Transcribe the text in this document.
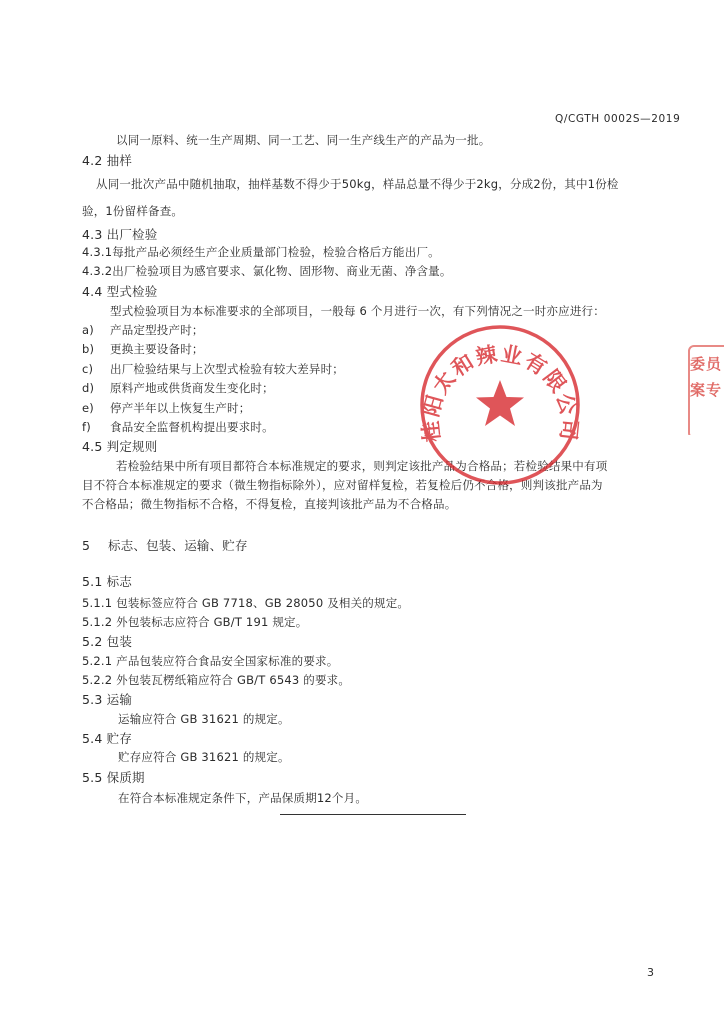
Q/CGTH 0002S—2019
以同一原料、统一生产周期、同一工艺、同一生产线生产的产品为一批。
4.2 抽样
从同一批次产品中随机抽取，抽样基数不得少于50kg，样品总量不得少于2kg，分成2份，其中1份检
验，1份留样备查。
4.3 出厂检验
4.3.1每批产品必须经生产企业质量部门检验，检验合格后方能出厂。
4.3.2出厂检验项目为感官要求、氯化物、固形物、商业无菌、净含量。
4.4 型式检验
型式检验项目为本标准要求的全部项目，一般每 6 个月进行一次，有下列情况之一时亦应进行：
a) 产品定型投产时；
b) 更换主要设备时；
c) 出厂检验结果与上次型式检验有较大差异时；
d) 原料产地或供货商发生变化时；
e) 停产半年以上恢复生产时；
f) 食品安全监督机构提出要求时。
4.5 判定规则
若检验结果中所有项目都符合本标准规定的要求，则判定该批产品为合格品；若检验结果中有项
目不符合本标准规定的要求（微生物指标除外），应对留样复检，若复检后仍不合格，则判该批产品为
不合格品；微生物指标不合格，不得复检，直接判该批产品为不合格品。
5 标志、包装、运输、贮存
5.1 标志
5.1.1 包装标签应符合 GB 7718、GB 28050 及相关的规定。
5.1.2 外包装标志应符合 GB/T 191 规定。
5.2 包装
5.2.1 产品包装应符合食品安全国家标准的要求。
5.2.2 外包装瓦楞纸箱应符合 GB/T 6543 的要求。
5.3 运输
运输应符合 GB 31621 的规定。
5.4 贮存
贮存应符合 GB 31621 的规定。
5.5 保质期
在符合本标准规定条件下，产品保质期12个月。
3
桂阳太和辣业有限公司
委员
案专
